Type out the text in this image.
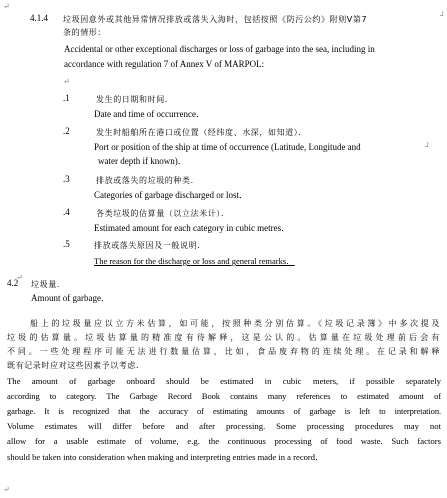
↵
┘
↵
┘
↵
↵
4.1.4 垃圾因意外或其他异常情况排放或落失入海时，包括按照《防污公约》附则V第7
条的情形：
Accidental or other exceptional discharges or loss of garbage into the sea, including in
accordance with regulation 7 of Annex V of MARPOL:
.1	发生的日期和时间．
Date and time of occurrence．
.2	发生时船舶所在港口或位置（经纬度、水深，如知道）．
Port or position of the ship at time of occurrence (Latitude, Longitude and
water depth if known)．
.3	排放或落失的垃圾的种类．
Categories of garbage discharged or lost．
.4	各类垃圾的估算量（以立法米计）．
Estimated amount for each category in cubic metres．
.5	排放或落失原因及一般说明．
The reason for the discharge or loss and general remarks．
4.2 垃圾量．
Amount of garbage．
船上的垃圾量应以立方米估算，如可能，按照种类分别估算。《垃圾记录簿》中多次提及
垃圾的估算量。垃圾估算量的精准度有待解释，这是公认的。估算量在垃圾处理前后会有
不同。一些处理程序可能无法进行数量估算，比如，食品废弃物的连续处理。在记录和解释
既有记录时应对这些因素予以考虑．
The amount of garbage onboard should be estimated in cubic meters, if possible separately
according to category. The Garbage Record Book contains many references to estimated amount of
garbage. It is recognized that the accuracy of estimating amounts of garbage is left to interpretation.
Volume estimates will differ before and after processing. Some processing procedures may not
allow for a usable estimate of volume, e.g. the continuous processing of food waste. Such factors
should be taken into consideration when making and interpreting entries made in a record．
